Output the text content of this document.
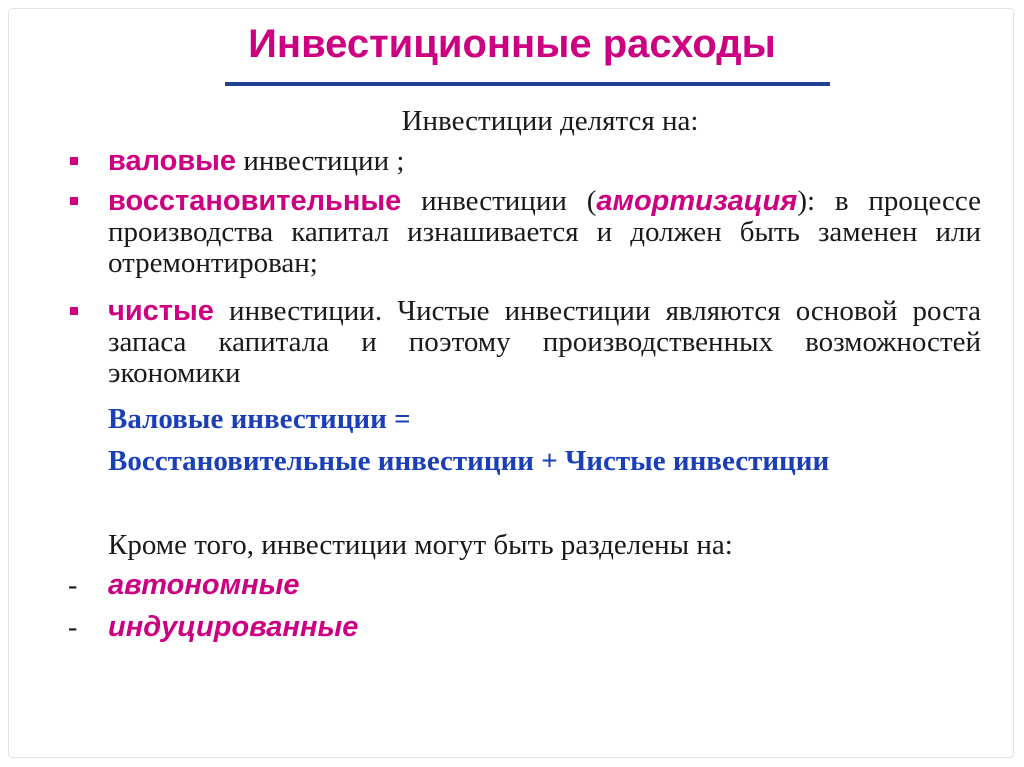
Инвестиционные расходы
Инвестиции делятся на:
валовые инвестиции ;
восстановительные инвестиции (амортизация): в процессе производства капитал изнашивается и должен быть заменен или отремонтирован;
чистые инвестиции. Чистые инвестиции являются основой роста запаса капитала и поэтому производственных возможностей экономики
Валовые инвестиции =
Восстановительные инвестиции + Чистые инвестиции
Кроме того, инвестиции могут быть разделены на:
- автономные
- индуцированные
